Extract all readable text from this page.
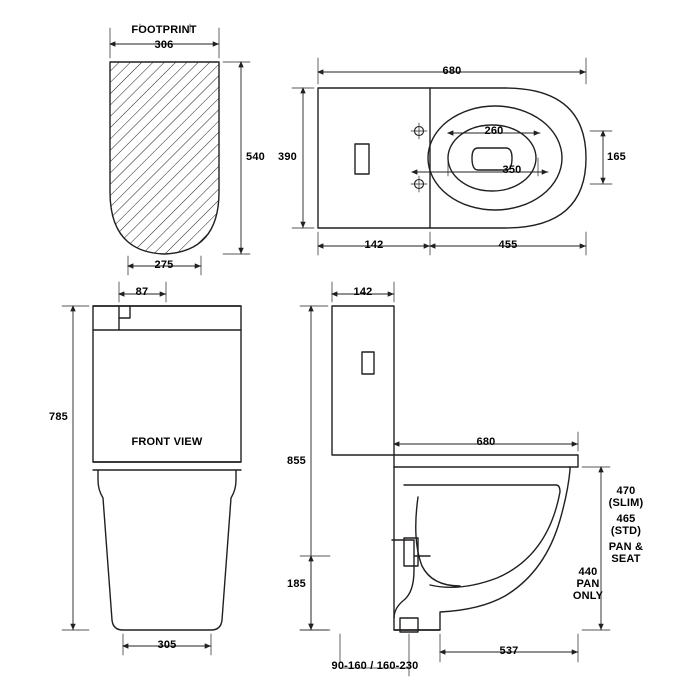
FOOTPRINT
306
540
275
680
390
260
350
165
142	455
87
785
FRONT VIEW
305
142
680
855
185
537
90-160 / 160-230
470
(SLIM)
465
(STD)
PAN &
SEAT
440
PAN
ONLY
